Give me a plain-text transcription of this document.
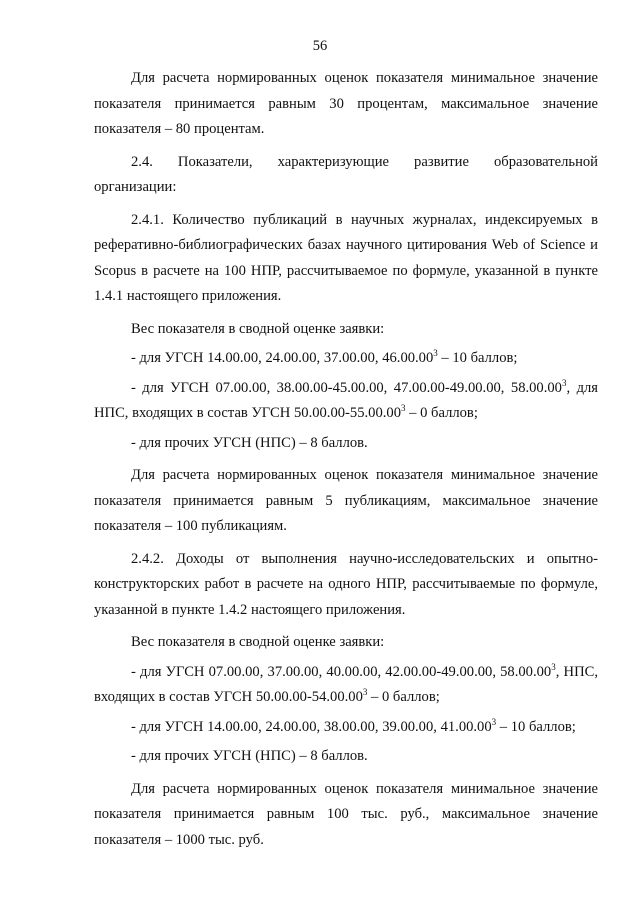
56

Для расчета нормированных оценок показателя минимальное значение показателя принимается равным 30 процентам, максимальное значение показателя – 80 процентам.

2.4. Показатели, характеризующие развитие образовательной организации:

2.4.1. Количество публикаций в научных журналах, индексируемых в реферативно-библиографических базах научного цитирования Web of Science и Scopus в расчете на 100 НПР, рассчитываемое по формуле, указанной в пункте 1.4.1 настоящего приложения.

Вес показателя в сводной оценке заявки:

- для УГСН 14.00.00, 24.00.00, 37.00.00, 46.00.00$^3$ – 10 баллов;

- для УГСН 07.00.00, 38.00.00-45.00.00, 47.00.00-49.00.00, 58.00.00$^3$, для НПС, входящих в состав УГСН 50.00.00-55.00.00$^3$ – 0 баллов;

- для прочих УГСН (НПС) – 8 баллов.

Для расчета нормированных оценок показателя минимальное значение показателя принимается равным 5 публикациям, максимальное значение показателя – 100 публикациям.

2.4.2. Доходы от выполнения научно-исследовательских и опытно-конструкторских работ в расчете на одного НПР, рассчитываемые по формуле, указанной в пункте 1.4.2 настоящего приложения.

Вес показателя в сводной оценке заявки:

- для УГСН 07.00.00, 37.00.00, 40.00.00, 42.00.00-49.00.00, 58.00.00$^3$, НПС, входящих в состав УГСН 50.00.00-54.00.00$^3$ – 0 баллов;

- для УГСН 14.00.00, 24.00.00, 38.00.00, 39.00.00, 41.00.00$^3$ – 10 баллов;

- для прочих УГСН (НПС) – 8 баллов.

Для расчета нормированных оценок показателя минимальное значение показателя принимается равным 100 тыс. руб., максимальное значение показателя – 1000 тыс. руб.
